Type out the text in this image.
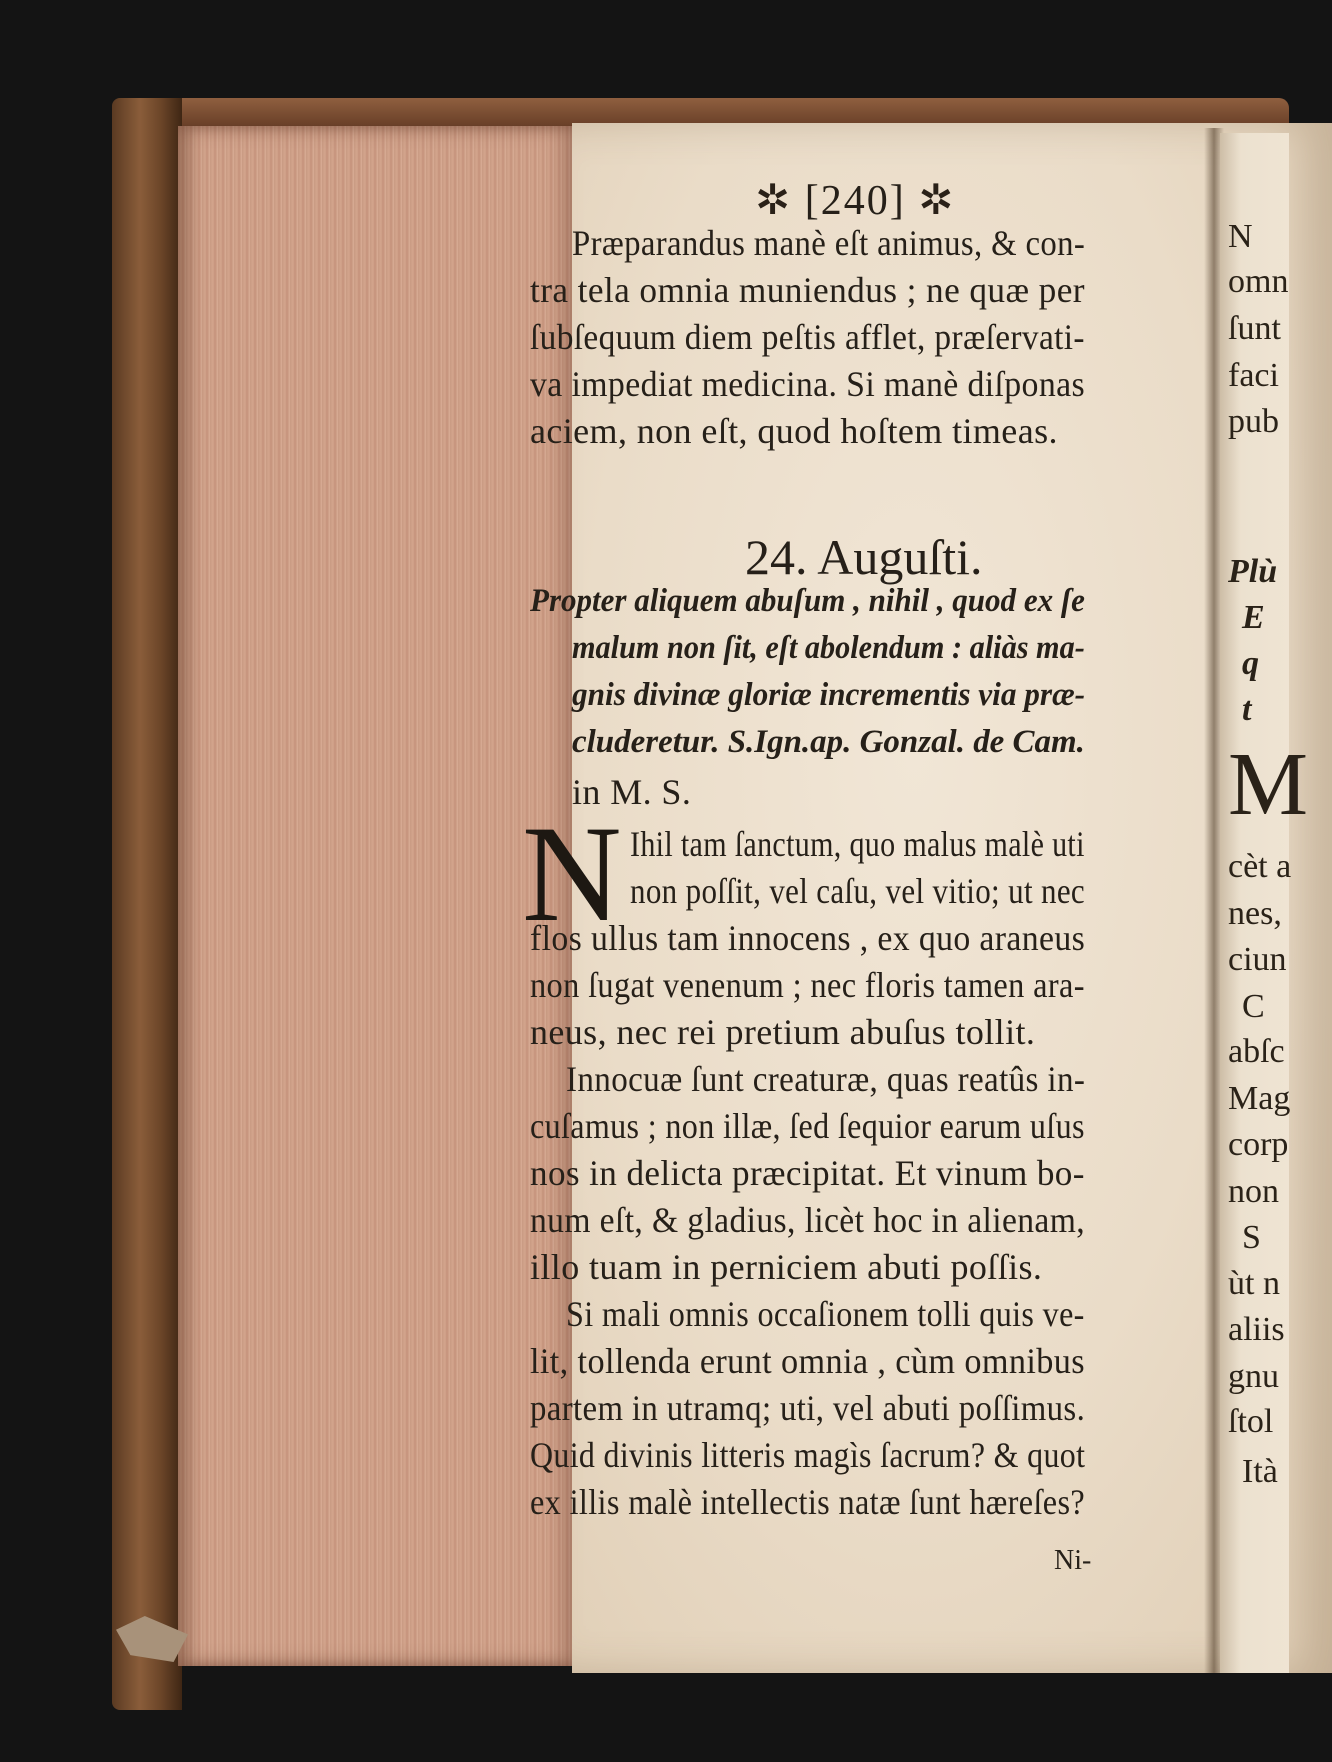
N
omn
ſunt
faci
pub
Plù
E
q
t
M
cèt a
nes,
ciun
C
abſc
Mag
corp
non
S
ùt n
aliis
gnu
ſtol
Ità
✲ [240] ✲
Præparandus manè eſt animus, & con-
tra tela omnia muniendus ; ne quæ per
ſubſequum diem peſtis afflet, præſervati-
va impediat medicina. Si manè diſponas
aciem, non eſt, quod hoſtem timeas.
24. Auguſti.
Propter aliquem abuſum , nihil , quod ex ſe
malum non ſit, eſt abolendum : aliàs ma-
gnis divinæ gloriæ incrementis via præ-
cluderetur. S.Ign.ap. Gonzal. de Cam.
in M. S.
N Ihil tam ſanctum, quo malus malè uti
non poſſit, vel caſu, vel vitio; ut nec
flos ullus tam innocens , ex quo araneus
non ſugat venenum ; nec floris tamen ara-
neus, nec rei pretium abuſus tollit.
Innocuæ ſunt creaturæ, quas reatûs in-
cuſamus ; non illæ, ſed ſequior earum uſus
nos in delicta præcipitat. Et vinum bo-
num eſt, & gladius, licèt hoc in alienam,
illo tuam in perniciem abuti poſſis.
Si mali omnis occaſionem tolli quis ve-
lit, tollenda erunt omnia , cùm omnibus
partem in utramq; uti, vel abuti poſſimus.
Quid divinis litteris magìs ſacrum? & quot
ex illis malè intellectis natæ ſunt hæreſes?
Ni-
